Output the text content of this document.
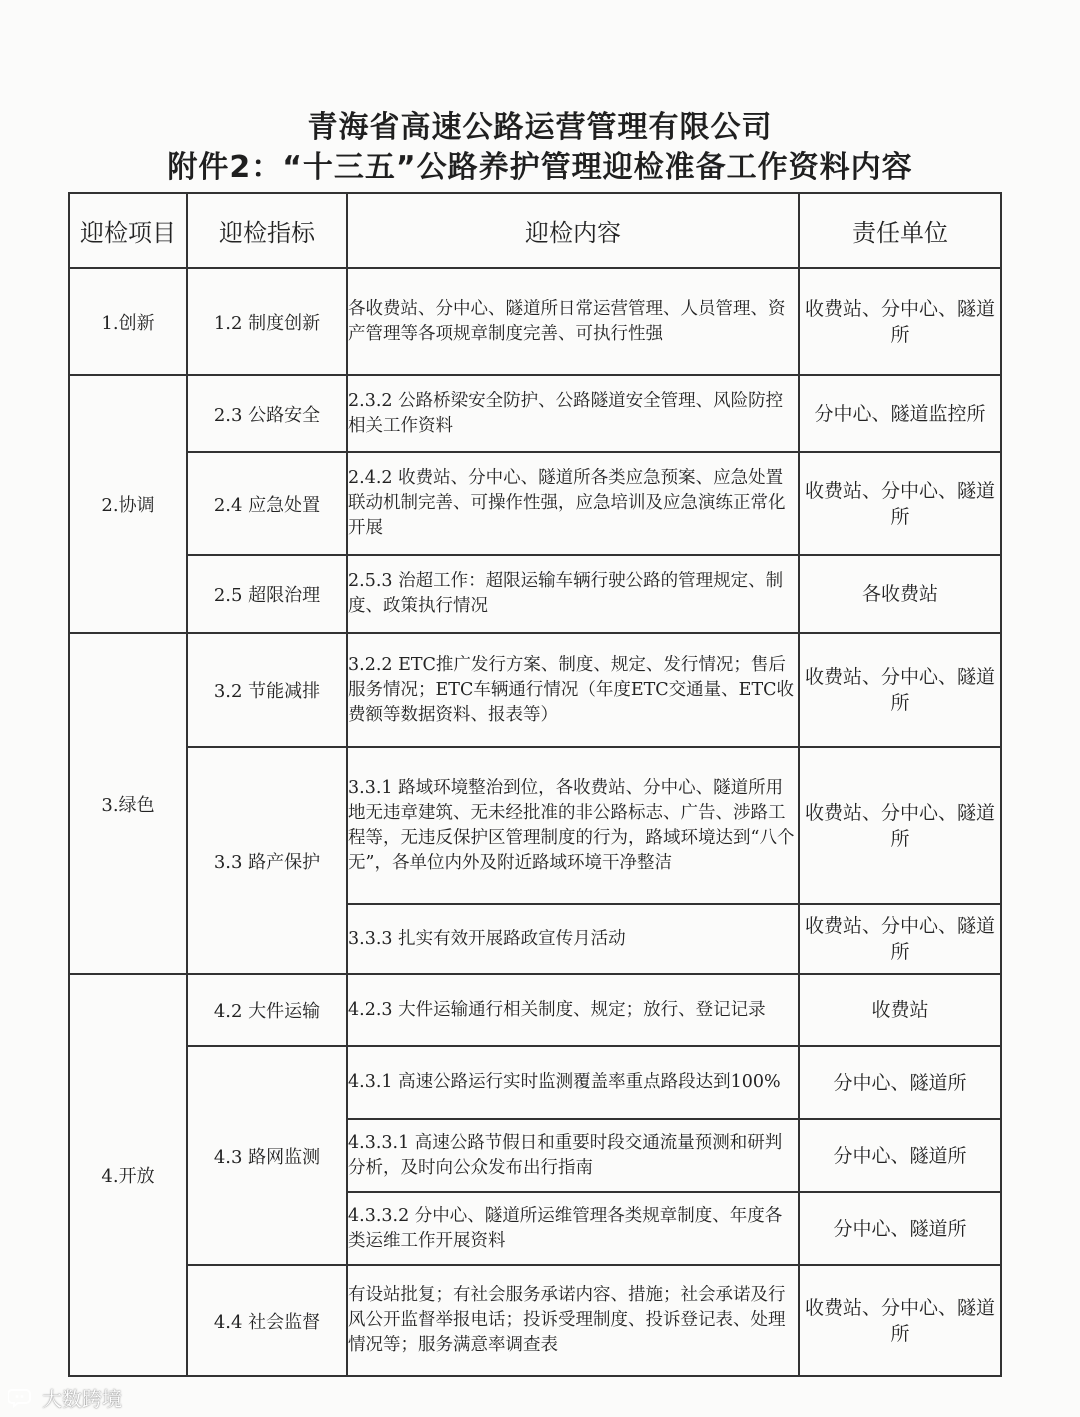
青海省高速公路运营管理有限公司
附件2：“十三五”公路养护管理迎检准备工作资料内容
迎检项目	迎检指标	迎检内容	责任单位
1.创新	1.2 制度创新	各收费站、分中心、隧道所日常运营管理、人员管理、资产管理等各项规章制度完善、可执行性强	收费站、分中心、隧道所
2.协调	2.3 公路安全	2.3.2 公路桥梁安全防护、公路隧道安全管理、风险防控相关工作资料	分中心、隧道监控所
	2.4 应急处置	2.4.2 收费站、分中心、隧道所各类应急预案、应急处置联动机制完善、可操作性强，应急培训及应急演练正常化开展	收费站、分中心、隧道所
	2.5 超限治理	2.5.3 治超工作：超限运输车辆行驶公路的管理规定、制度、政策执行情况	各收费站
3.绿色	3.2 节能减排	3.2.2 ETC推广发行方案、制度、规定、发行情况；售后服务情况；ETC车辆通行情况（年度ETC交通量、ETC收费额等数据资料、报表等）	收费站、分中心、隧道所
	3.3 路产保护	3.3.1 路域环境整治到位，各收费站、分中心、隧道所用地无违章建筑、无未经批准的非公路标志、广告、涉路工程等，无违反保护区管理制度的行为，路域环境达到“八个无”，各单位内外及附近路域环境干净整洁	收费站、分中心、隧道所
		3.3.3 扎实有效开展路政宣传月活动	收费站、分中心、隧道所
4.开放	4.2 大件运输	4.2.3 大件运输通行相关制度、规定；放行、登记记录	收费站
	4.3 路网监测	4.3.1 高速公路运行实时监测覆盖率重点路段达到100%	分中心、隧道所
		4.3.3.1 高速公路节假日和重要时段交通流量预测和研判分析，及时向公众发布出行指南	分中心、隧道所
		4.3.3.2 分中心、隧道所运维管理各类规章制度、年度各类运维工作开展资料	分中心、隧道所
	4.4 社会监督	有设站批复；有社会服务承诺内容、措施；社会承诺及行风公开监督举报电话；投诉受理制度、投诉登记表、处理情况等；服务满意率调查表	收费站、分中心、隧道所
大数跨境
